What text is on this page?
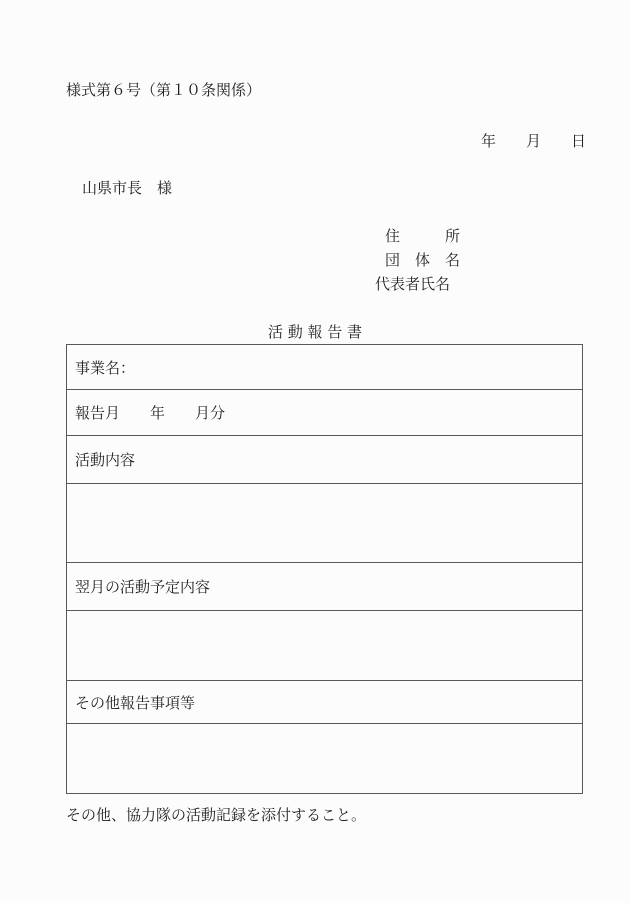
様式第６号（第１０条関係）
年　　月　　日
山県市長　様
住　　　所
団　体　名
代表者氏名
活 動 報 告 書
事業名：
報告月　　年　　月分
活動内容

翌月の活動予定内容

その他報告事項等

その他、協力隊の活動記録を添付すること。
